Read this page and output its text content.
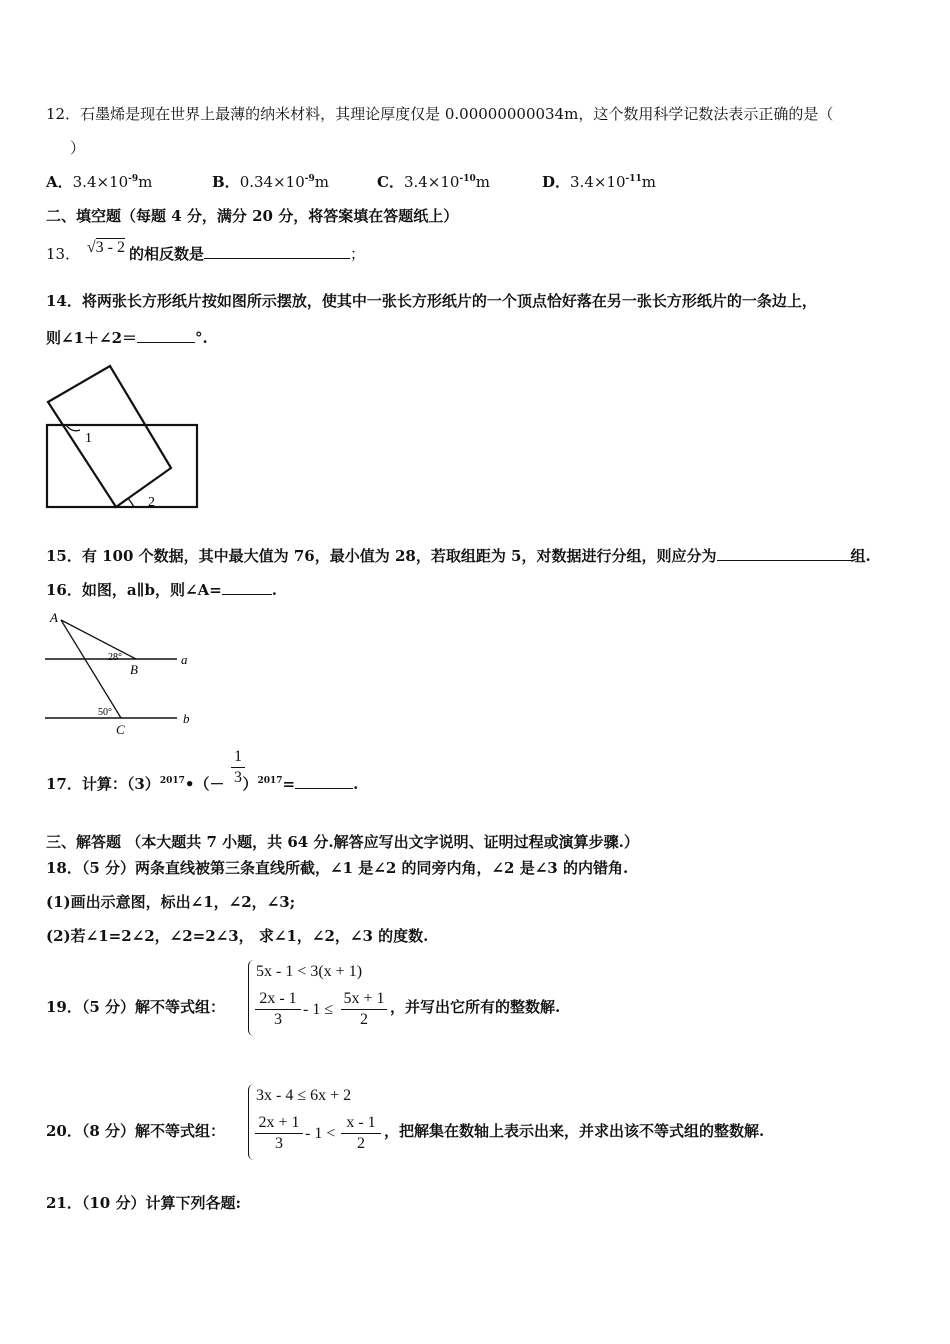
12．石墨烯是现在世界上最薄的纳米材料，其理论厚度仅是 0.00000000034m，这个数用科学记数法表示正确的是（
）
A．$3.4\times 10^{-9}m$	B．$0.34\times 10^{-9}m$	C．$3.4\times 10^{-10}m$	D．$3.4\times 10^{-11}m$
二、填空题（每题 4 分，满分 20 分，将答案填在答题纸上）
13． √3 - 2 的相反数是	；
14．将两张长方形纸片按如图所示摆放，使其中一张长方形纸片的一个顶点恰好落在另一张长方形纸片的一条边上，
则∠1＋∠2＝	°.
1
2
15．有 100 个数据，其中最大值为 76，最小值为 28，若取组距为 5，对数据进行分组，则应分为	组.
16．如图，a∥b，则∠A=	.
A
B
C
a
b
28°
50°
17．计算：$(3)^{2017}•(- )^{2017}=$	.
1
3
三、解答题 （本大题共 7 小题，共 64 分.解答应写出文字说明、证明过程或演算步骤.）
18．（5 分）两条直线被第三条直线所截，∠1 是∠2 的同旁内角，∠2 是∠3 的内错角.
(1)画出示意图，标出∠1，∠2，∠3;
(2)若∠1=2∠2，∠2=2∠3， 求∠1，∠2，∠3 的度数.
19．（5 分）解不等式组：
5x - 1 < 3(x + 1)
2x - 1
3
- 1 ≤
5x + 1
2
，并写出它所有的整数解.
20．（8 分）解不等式组：
3x - 4 ≤ 6x + 2
2x + 1
3
- 1 <
x - 1
2
，把解集在数轴上表示出来，并求出该不等式组的整数解.
21．（10 分）计算下列各题:
